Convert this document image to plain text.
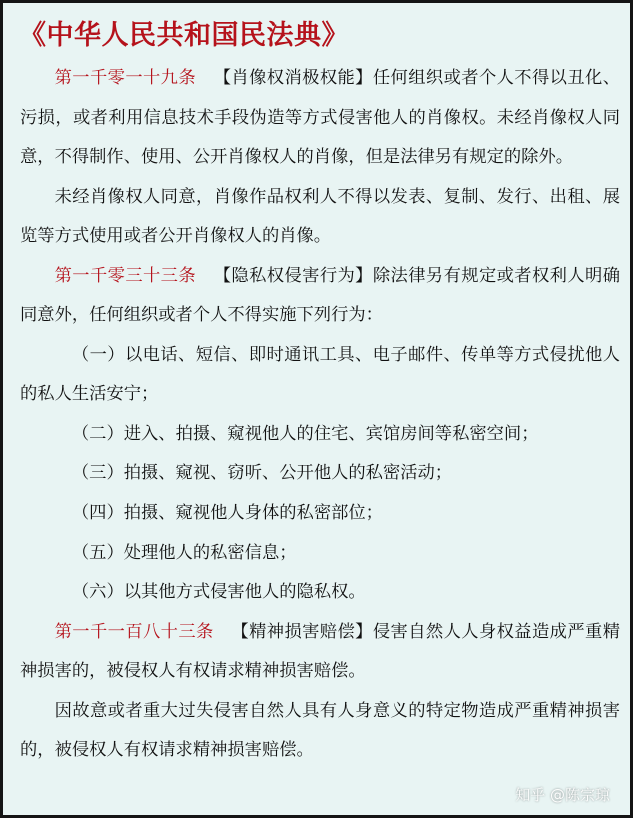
《中华人民共和国民法典》

第一千零一十九条 【肖像权消极权能】任何组织或者个人不得以丑化、污损，或者利用信息技术手段伪造等方式侵害他人的肖像权。未经肖像权人同意，不得制作、使用、公开肖像权人的肖像，但是法律另有规定的除外。

未经肖像权人同意，肖像作品权利人不得以发表、复制、发行、出租、展览等方式使用或者公开肖像权人的肖像。

第一千零三十三条 【隐私权侵害行为】除法律另有规定或者权利人明确同意外，任何组织或者个人不得实施下列行为：

（一）以电话、短信、即时通讯工具、电子邮件、传单等方式侵扰他人的私人生活安宁；

（二）进入、拍摄、窥视他人的住宅、宾馆房间等私密空间；

（三）拍摄、窥视、窃听、公开他人的私密活动；

（四）拍摄、窥视他人身体的私密部位；

（五）处理他人的私密信息；

（六）以其他方式侵害他人的隐私权。

第一千一百八十三条 【精神损害赔偿】侵害自然人人身权益造成严重精神损害的，被侵权人有权请求精神损害赔偿。

因故意或者重大过失侵害自然人具有人身意义的特定物造成严重精神损害的，被侵权人有权请求精神损害赔偿。

知乎 @陈宗琼
